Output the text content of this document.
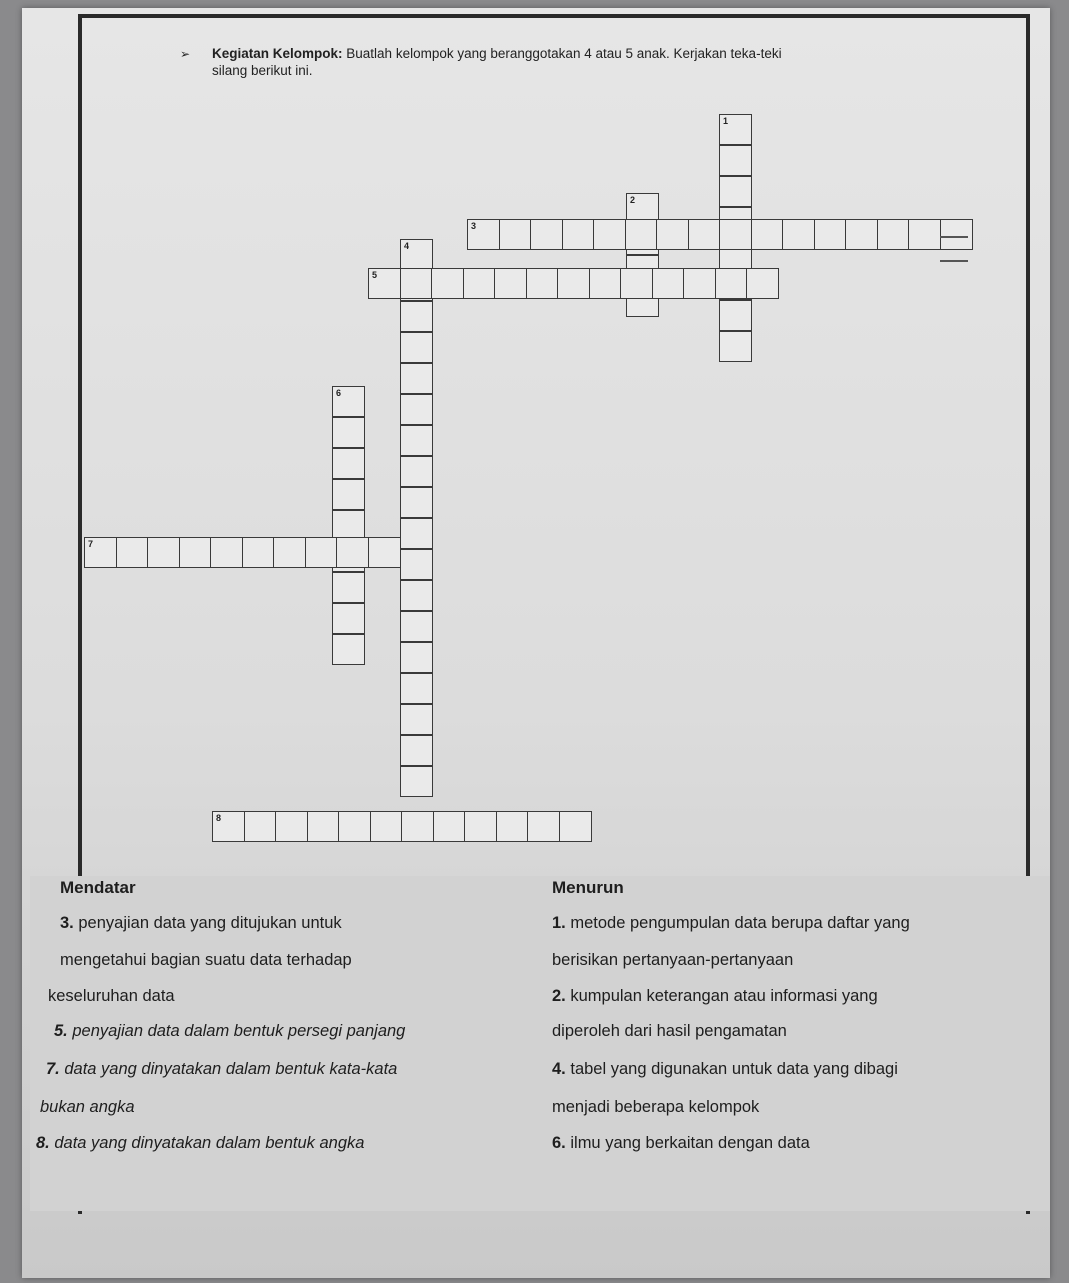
➢ Kegiatan Kelompok: Buatlah kelompok yang beranggotakan 4 atau 5 anak. Kerjakan teka-teki
silang berikut ini.
1
2
3
4
5
6
7
8
Mendatar	Menurun
3. penyajian data yang ditujukan untuk
mengetahui bagian suatu data terhadap
keseluruhan data
5. penyajian data dalam bentuk persegi panjang
7. data yang dinyatakan dalam bentuk kata-kata
bukan angka
8. data yang dinyatakan dalam bentuk angka
1. metode pengumpulan data berupa daftar yang
berisikan pertanyaan-pertanyaan
2. kumpulan keterangan atau informasi yang
diperoleh dari hasil pengamatan
4. tabel yang digunakan untuk data yang dibagi
menjadi beberapa kelompok
6. ilmu yang berkaitan dengan data
